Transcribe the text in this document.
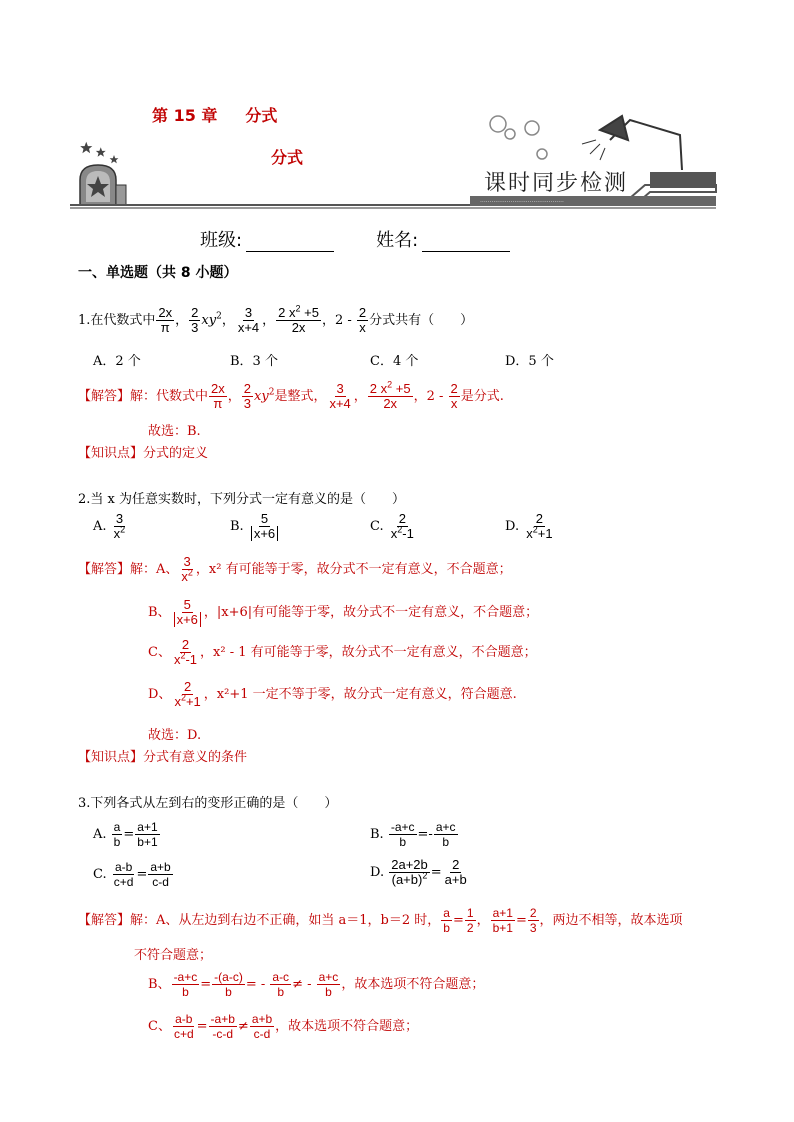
············································
第 15 章 分式
分式
课时同步检测
班级:	姓名:
一、单选题（共 8 小题）
1.在代数式中 $\frac{2x}{\pi}$ ， $\frac{2}{3} xy^2$， $\frac{3}{x+4}$ ， $\frac{2 x^2 +5}{2x}$ ，$2 - \frac{2}{x}$ 分式共有（　　）
A．2 个	B．3 个	C．4 个	D．5 个
【解答】解：代数式中 $\frac{2x}{\pi}$ ， $\frac{2}{3} xy^2$是整式， $\frac{3}{x+4}$ ， $\frac{2 x^2 +5}{2x}$ ，$2 - \frac{2}{x}$ 是分式.
故选：B.
【知识点】分式的定义
2.当 x 为任意实数时，下列分式一定有意义的是（　　）
A. $\frac{3}{x^2}$	B. $\frac{5}{x+6}$	C. $\frac{2}{x^2-1}$	D. $\frac{2}{x^2+1}$
【解答】解：A、 $\frac{3}{x^2}$ ，x² 有可能等于零，故分式不一定有意义，不合题意；
B、 $\frac{5}{x+6}$ ，|x+6|有可能等于零，故分式不一定有意义，不合题意；
C、 $\frac{2}{x^2-1}$ ，x² - 1 有可能等于零，故分式不一定有意义，不合题意；
D、 $\frac{2}{x^2+1}$ ，x²+1 一定不等于零，故分式一定有意义，符合题意.
故选：D.
【知识点】分式有意义的条件
3.下列各式从左到右的变形正确的是（　　）
A. $\frac{a}{b} = \frac{a+1}{b+1}$	B. $\frac{-a+c}{b} =- \frac{a+c}{b}$
C. $\frac{a-b}{c+d} = \frac{a+b}{c-d}$	D. $\frac{2a+2b}{(a+b)^2} = \frac{2}{a+b}$
【解答】解：A、从左边到右边不正确，如当 a＝1，b＝2 时， $\frac{a}{b} = \frac{1}{2}$ ， $\frac{a+1}{b+1} = \frac{2}{3}$ ，两边不相等，故本选项
不符合题意；
B、 $\frac{-a+c}{b} = \frac{-(a-c)}{b}$ = - $\frac{a-c}{b}$ ≠ - $\frac{a+c}{b}$ ，故本选项不符合题意；
C、 $\frac{a-b}{c+d} = \frac{-a+b}{-c-d} \ne \frac{a+b}{c-d}$ ，故本选项不符合题意；
